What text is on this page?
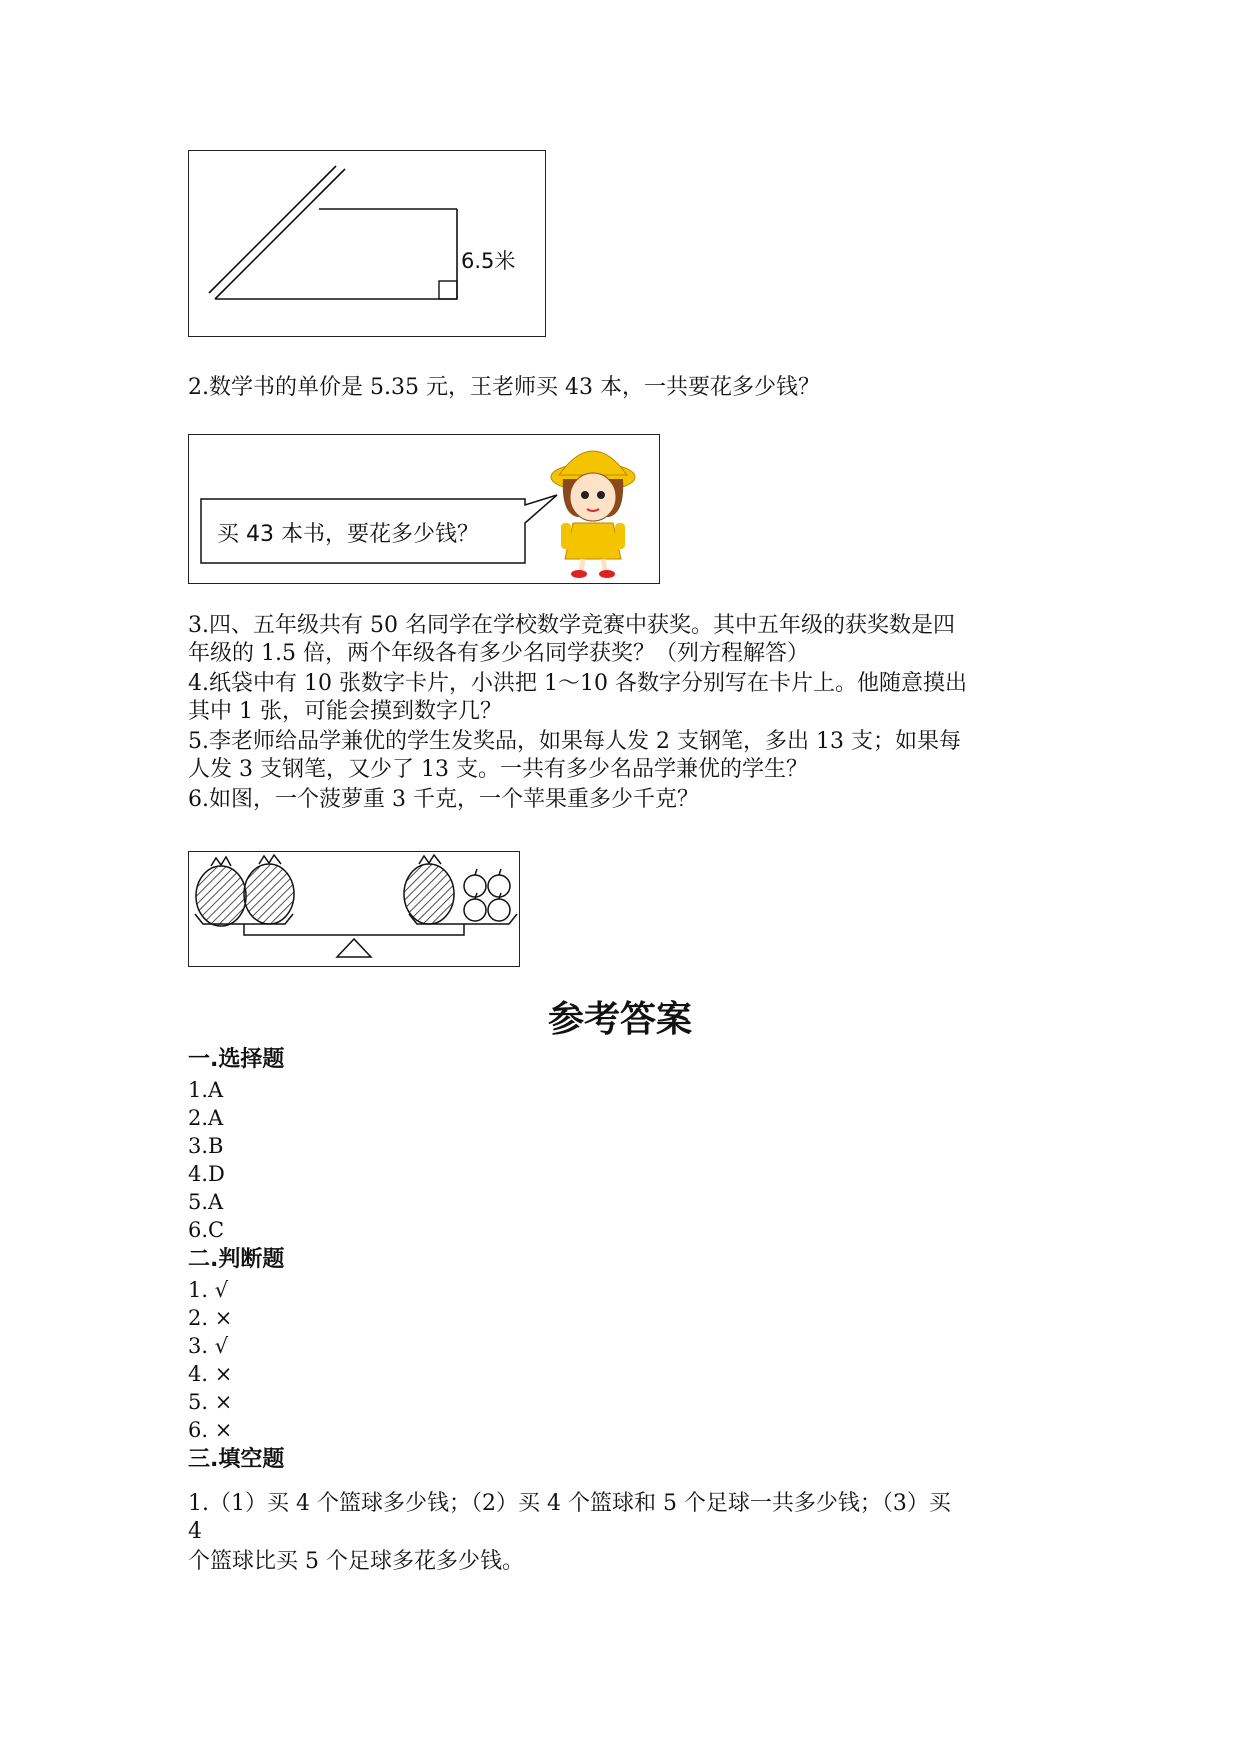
6.5米
2.数学书的单价是 5.35 元，王老师买 43 本，一共要花多少钱？
买 43 本书，要花多少钱？
3.四、五年级共有 50 名同学在学校数学竞赛中获奖。其中五年级的获奖数是四
年级的 1.5 倍，两个年级各有多少名同学获奖？（列方程解答）
4.纸袋中有 10 张数字卡片，小洪把 1～10 各数字分别写在卡片上。他随意摸出
其中 1 张，可能会摸到数字几？
5.李老师给品学兼优的学生发奖品，如果每人发 2 支钢笔，多出 13 支；如果每
人发 3 支钢笔，又少了 13 支。一共有多少名品学兼优的学生？
6.如图，一个菠萝重 3 千克，一个苹果重多少千克？
参考答案
一.选择题
1.A
2.A
3.B
4.D
5.A
6.C
二.判断题
1. √
2. ×
3. √
4. ×
5. ×
6. ×
三.填空题
1.（1）买 4 个篮球多少钱；（2）买 4 个篮球和 5 个足球一共多少钱；（3）买
4
个篮球比买 5 个足球多花多少钱。
